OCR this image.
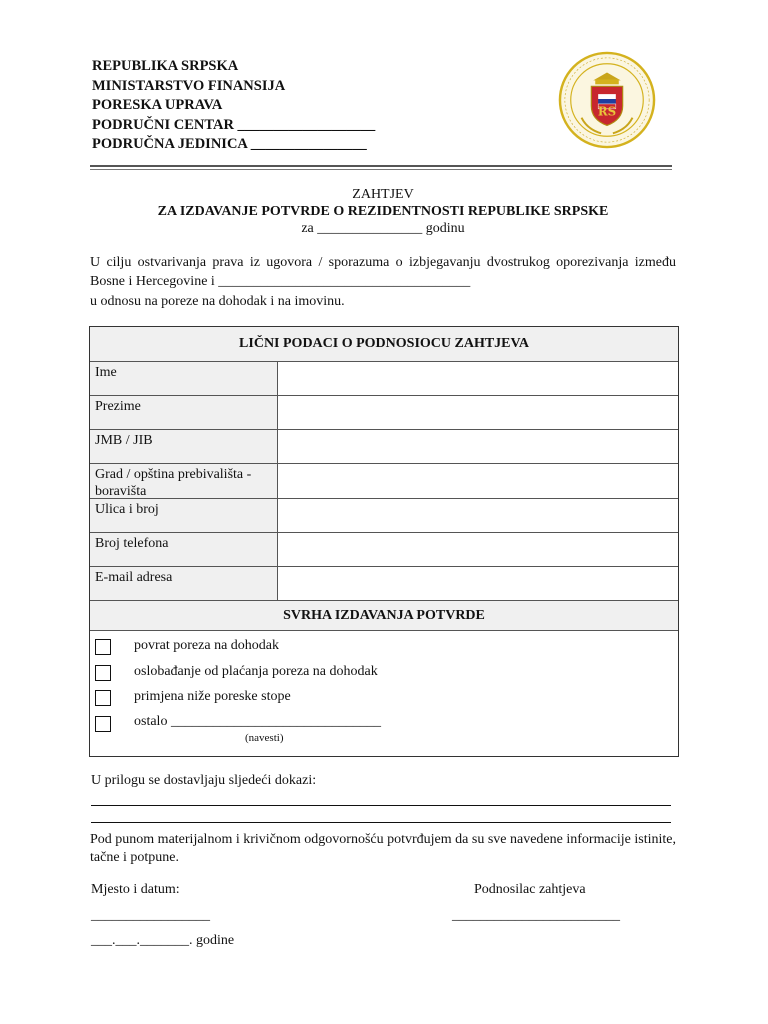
REPUBLIKA SRPSKA
MINISTARSTVO FINANSIJA
PORESKA UPRAVA
PODRUČNI CENTAR ___________________
PODRUČNA JEDINICA ________________
RS
ZAHTJEV
ZA IZDAVANJE POTVRDE O REZIDENTNOSTI REPUBLIKE SRPSKE
za _______________ godinu
U cilju ostvarivanja prava iz ugovora / sporazuma o izbjegavanju dvostrukog oporezivanja između Bosne i Hercegovine i ____________________________________
u odnosu na poreze na dohodak i na imovinu.
LIČNI PODACI O PODNOSIOCU ZAHTJEVA
Ime
Prezime
JMB / JIB
Grad / opština prebivališta - boravišta
Ulica i broj
Broj telefona
E-mail adresa
SVRHA IZDAVANJA POTVRDE
povrat poreza na dohodak
oslobađanje od plaćanja poreza na dohodak
primjena niže poreske stope
ostalo ______________________________
(navesti)
U prilogu se dostavljaju sljedeći dokazi:
Pod punom materijalnom i krivičnom odgovornošću potvrđujem da su sve navedene informacije istinite, tačne i potpune.
Mjesto i datum:	Podnosilac zahtjeva
_________________	________________________
___.___._______. godine
